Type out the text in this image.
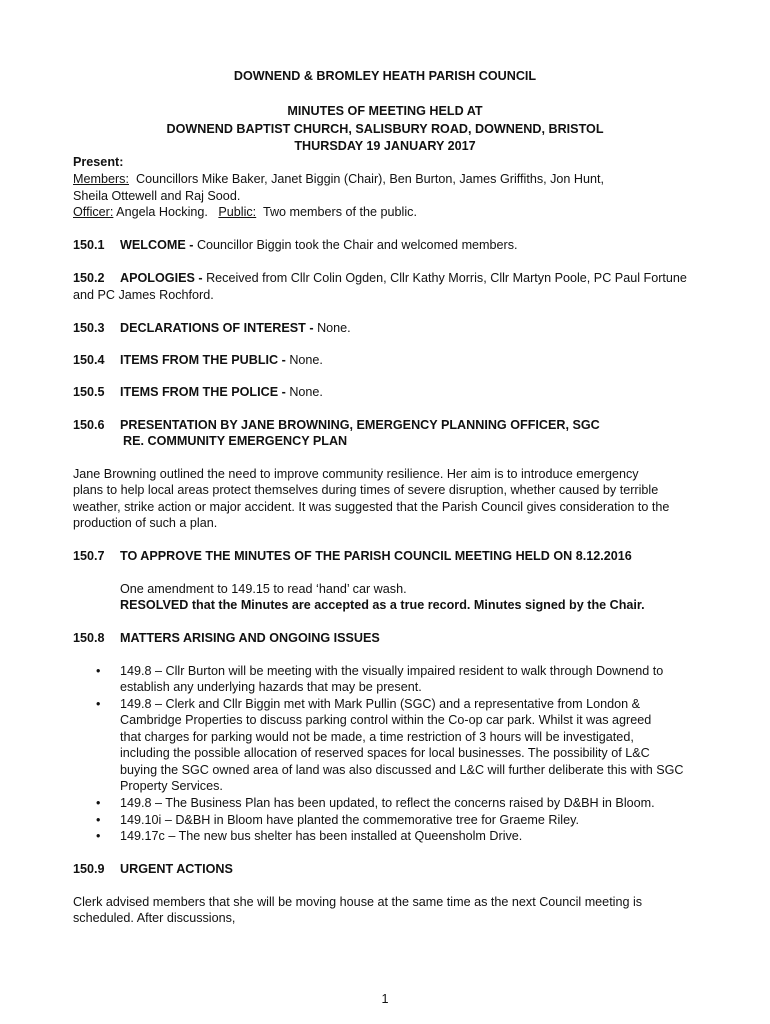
DOWNEND & BROMLEY HEATH PARISH COUNCIL
MINUTES OF MEETING HELD AT
DOWNEND BAPTIST CHURCH, SALISBURY ROAD, DOWNEND, BRISTOL
THURSDAY 19 JANUARY 2017
Present:
Members:  Councillors Mike Baker, Janet Biggin (Chair), Ben Burton, James Griffiths, Jon Hunt,
Sheila Ottewell and Raj Sood.
Officer: Angela Hocking.   Public:  Two members of the public.
150.1 WELCOME - Councillor Biggin took the Chair and welcomed members.
150.2 APOLOGIES - Received from Cllr Colin Ogden, Cllr Kathy Morris, Cllr Martyn Poole, PC Paul Fortune
and PC James Rochford.
150.3 DECLARATIONS OF INTEREST - None.
150.4 ITEMS FROM THE PUBLIC - None.
150.5 ITEMS FROM THE POLICE - None.
150.6 PRESENTATION BY JANE BROWNING, EMERGENCY PLANNING OFFICER, SGC
RE. COMMUNITY EMERGENCY PLAN
Jane Browning outlined the need to improve community resilience. Her aim is to introduce emergency
plans to help local areas protect themselves during times of severe disruption, whether caused by terrible
weather, strike action or major accident. It was suggested that the Parish Council gives consideration to the
production of such a plan.
150.7 TO APPROVE THE MINUTES OF THE PARISH COUNCIL MEETING HELD ON 8.12.2016
One amendment to 149.15 to read ‘hand’ car wash.
RESOLVED that the Minutes are accepted as a true record. Minutes signed by the Chair.
150.8 MATTERS ARISING AND ONGOING ISSUES
• 149.8 – Cllr Burton will be meeting with the visually impaired resident to walk through Downend to
establish any underlying hazards that may be present.
• 149.8 – Clerk and Cllr Biggin met with Mark Pullin (SGC) and a representative from London &
Cambridge Properties to discuss parking control within the Co-op car park. Whilst it was agreed
that charges for parking would not be made, a time restriction of 3 hours will be investigated,
including the possible allocation of reserved spaces for local businesses. The possibility of L&C
buying the SGC owned area of land was also discussed and L&C will further deliberate this with SGC
Property Services.
• 149.8 – The Business Plan has been updated, to reflect the concerns raised by D&BH in Bloom.
• 149.10i – D&BH in Bloom have planted the commemorative tree for Graeme Riley.
• 149.17c – The new bus shelter has been installed at Queensholm Drive.
150.9 URGENT ACTIONS
Clerk advised members that she will be moving house at the same time as the next Council meeting is
scheduled. After discussions,
1
